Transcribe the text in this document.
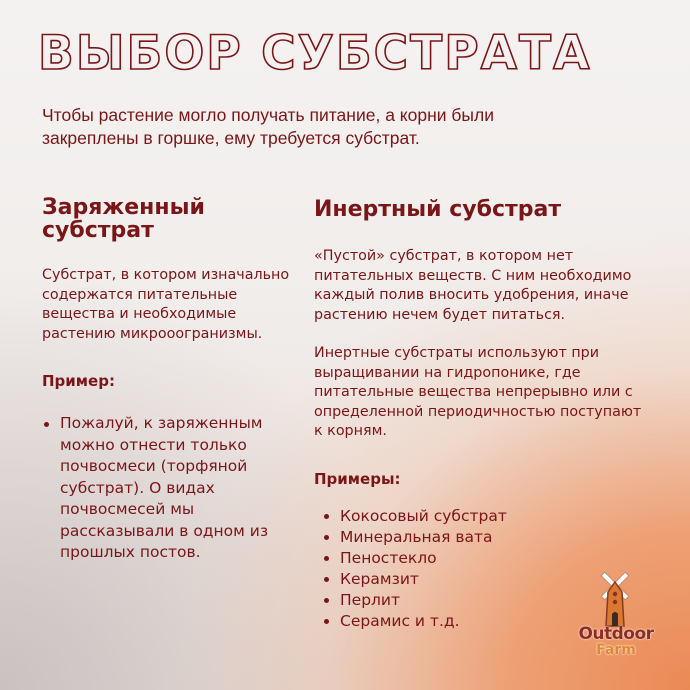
ВЫБОР СУБСТРАТА
Чтобы растение могло получать питание, а корни были закреплены в горшке, ему требуется субстрат.
Заряженный
субстрат

Субстрат, в котором изначально содержатся питательные вещества и необходимые растению микрооогранизмы.

Пример:

Пожалуй, к заряженным можно отнести только почвосмеси (торфяной субстрат). О видах почвосмесей мы рассказывали в одном из прошлых постов.
Инертный субстрат

«Пустой» субстрат, в котором нет питательных веществ. С ним необходимо каждый полив вносить удобрения, иначе растению нечем будет питаться.

Инертные субстраты используют при выращивании на гидропонике, где питательные вещества непрерывно или с определенной периодичностью поступают к корням.

Примеры:

Кокосовый субстрат
Минеральная вата
Пеностекло
Керамзит
Перлит
Серамис и т.д.
Outdoor
Farm
